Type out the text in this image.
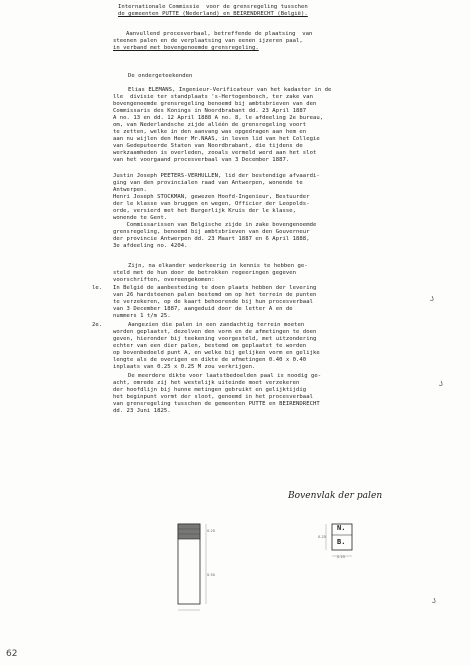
Internationale Commissie  voor de grensregeling tusschen
de gemeenten PUTTE (Nederland) en BEIRENDRECHT (België).
Aanvullend procesverbaal, betreffende de plaatsing  van
steenen palen en de verplaatsing van eenen ijzeren paal,
in verband met bovengenoemde grensregeling.
De ondergeteekenden
Elias ELEMANS, Ingenieur-Verificateur van het kadaster in de
lle  divisie ter standplaats 's-Hertogenbosch, ter zake van
bovengenoemde grensregeling benoemd bij ambtsbrieven van den
Commissaris des Konings in Noordbrabant dd. 23 April 1887
A no. 13 en dd. 12 April 1888 A no. 8, le afdeeling 2e bureau,
om, van Nederlandsche zijde alléén de grensregeling voort
te zetten, welke in den aanvang was opgedragen aan hem en
aan nu wijlen den Heer Mr.NAAS, in leven lid van het Collegie
van Gedeputeerde Staten van Noordbrabant, die tijdens de
werkzaamheden is overleden, zooals vermeld werd aan het slot
van het voorgaand procesverbaal van 3 December 1887.
Justin Joseph PEETERS-VERHULLEN, lid der bestendige afvaardi-
ging van den provincialen raad van Antwerpen, wonende te
Antwerpen.
Henri Joseph STOCKMAN, gewezen Hoofd-Ingenieur, Bestuurder
der le klasse van bruggen en wegen, Officier der Leopolds-
orde, versierd met het Burgerlijk Kruis der le klasse,
wonende te Gent.
Commissarissen van Belgische zijde in zake bovengenoemde
grensregeling, benoemd bij ambtsbrieven van den Gouverneur
der provincie Antwerpen dd. 23 Maart 1887 en 6 April 1888,
3e afdeeling no. 4204.
Zijn, na elkander wederkeerig in kennis te hebben ge-
steld met de hun door de betrokken regeeringen gegeven
voorschriften, overeengekomen:
le. In België de aanbesteding te doen plaats hebben der levering
van 26 hardsteenen palen bestemd om op het terrein de punten
te verzekeren, op de kaart behoorende bij hun procesverbaal
van 3 December 1887, aangeduid door de letter A en de
nummers 1 t/m 25.
2e.	Aangezien die palen in een zandachtig terrein moeten
worden geplaatst, dezelven den vorm en de afmetingen te doen
geven, hieronder bij teekening voorgesteld, met uitzondering
echter van een dier palen, bestemd om geplaatst te worden
op bovenbedoeld punt A, en welke bij gelijken vorm en gelijke
lengte als de overigen en dikte de afmetingen 0.40 x 0.40
inplaats van 0.25 x 0.25 M zou verkrijgen.
De meerdere dikte voor laatstbedoelden paal is noodig ge-
acht, omrede zij het westelijk uiteinde moet verzekeren
der hoofdlijn bij hunne metingen gebruikt en gelijktijdig
het beginpunt vormt der sloot, genoemd in het procesverbaal
van grensregeling tusschen de gemeenten PUTTE en BEIRENDRECHT
dd. 23 Juni 1825.
Bovenvlak der palen
N.
B.
0.25
0.25
0.50
0.25
62
